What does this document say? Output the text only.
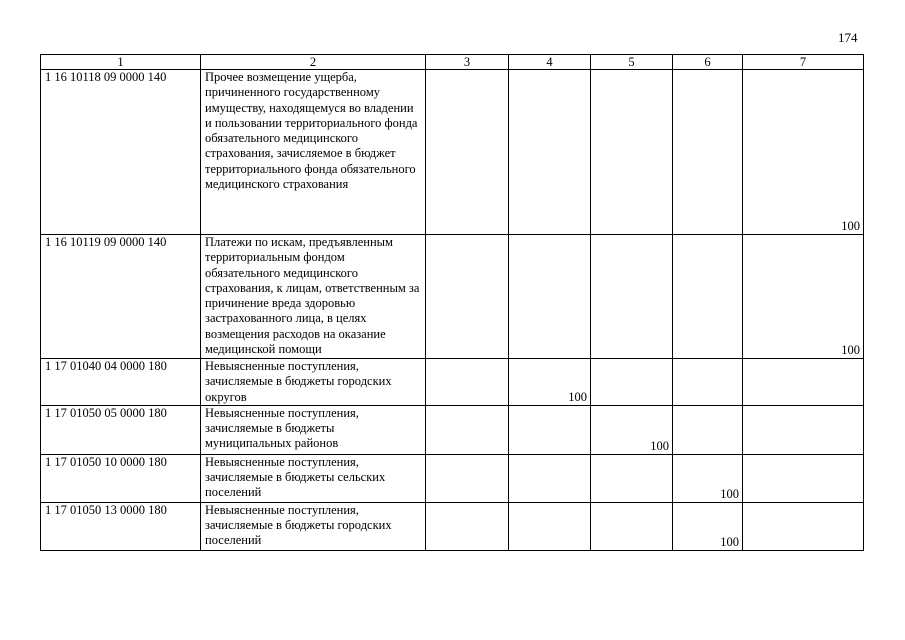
174
1	2	3	4	5	6	7
1 16 10118 09 0000 140	Прочее возмещение ущерба, причиненного государственному имуществу, находящемуся во владении и пользовании территориального фонда обязательного медицинского страхования, зачисляемое в бюджет территориального фонда обязательного медицинского страхования					100
1 16 10119 09 0000 140	Платежи по искам, предъявленным территориальным фондом обязательного медицинского страхования, к лицам, ответственным за причинение вреда здоровью застрахованного лица, в целях возмещения расходов на оказание медицинской помощи					100
1 17 01040 04 0000 180	Невыясненные поступления, зачисляемые в бюджеты городских округов		100			
1 17 01050 05 0000 180	Невыясненные поступления, зачисляемые в бюджеты муниципальных районов			100		
1 17 01050 10 0000 180	Невыясненные поступления, зачисляемые в бюджеты сельских поселений				100	
1 17 01050 13 0000 180	Невыясненные поступления, зачисляемые в бюджеты городских поселений				100	
